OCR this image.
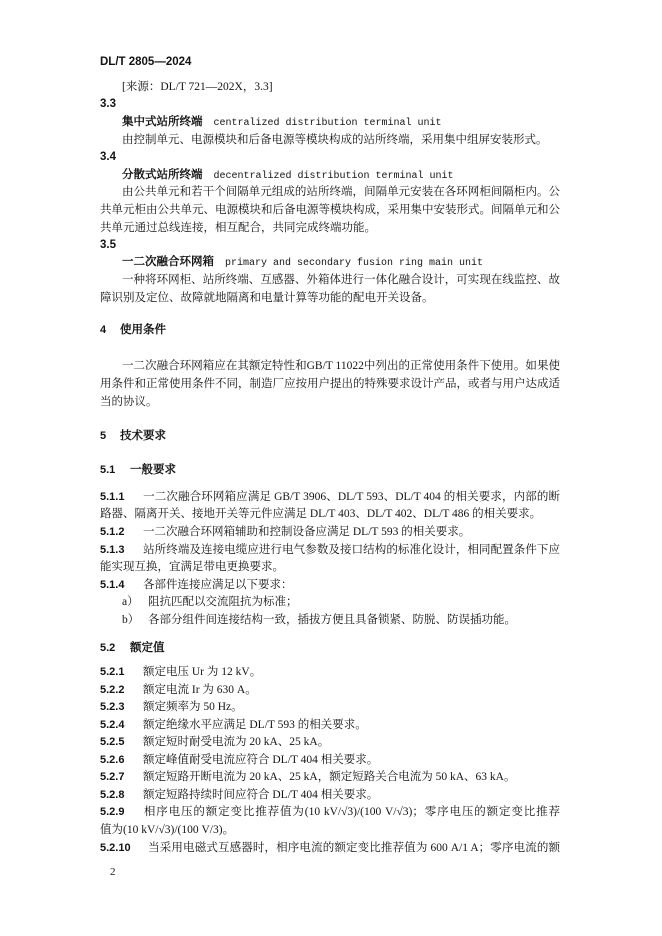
DL/T 2805—2024
[来源：DL/T 721—202X，3.3]
3.3
集中式站所终端 centralized distribution terminal unit
由控制单元、电源模块和后备电源等模块构成的站所终端，采用集中组屏安装形式。
3.4
分散式站所终端 decentralized distribution terminal unit
由公共单元和若干个间隔单元组成的站所终端，间隔单元安装在各环网柜间隔柜内。公
共单元柜由公共单元、电源模块和后备电源等模块构成，采用集中安装形式。间隔单元和公
共单元通过总线连接，相互配合，共同完成终端功能。
3.5
一二次融合环网箱 primary and secondary fusion ring main unit
一种将环网柜、站所终端、互感器、外箱体进行一体化融合设计，可实现在线监控、故
障识别及定位、故障就地隔离和电量计算等功能的配电开关设备。
4 使用条件
一二次融合环网箱应在其额定特性和GB/T 11022中列出的正常使用条件下使用。如果使
用条件和正常使用条件不同，制造厂应按用户提出的特殊要求设计产品，或者与用户达成适
当的协议。
5 技术要求
5.1 一般要求
5.1.1 一二次融合环网箱应满足 GB/T 3906、DL/T 593、DL/T 404 的相关要求，内部的断
路器、隔离开关、接地开关等元件应满足 DL/T 403、DL/T 402、DL/T 486 的相关要求。
5.1.2 一二次融合环网箱辅助和控制设备应满足 DL/T 593 的相关要求。
5.1.3 站所终端及连接电缆应进行电气参数及接口结构的标准化设计，相同配置条件下应
能实现互换，宜满足带电更换要求。
5.1.4 各部件连接应满足以下要求：
a） 阻抗匹配以交流阻抗为标准；
b） 各部分组件间连接结构一致，插拔方便且具备锁紧、防脱、防误插功能。
5.2 额定值
5.2.1 额定电压 Ur 为 12 kV。
5.2.2 额定电流 Ir 为 630 A。
5.2.3 额定频率为 50 Hz。
5.2.4 额定绝缘水平应满足 DL/T 593 的相关要求。
5.2.5 额定短时耐受电流为 20 kA、25 kA。
5.2.6 额定峰值耐受电流应符合 DL/T 404 相关要求。
5.2.7 额定短路开断电流为 20 kA、25 kA，额定短路关合电流为 50 kA、63 kA。
5.2.8 额定短路持续时间应符合 DL/T 404 相关要求。
5.2.9 相序电压的额定变比推荐值为(10 kV/√3)/(100 V/√3)；零序电压的额定变比推荐
值为(10 kV/√3)/(100 V/3)。
5.2.10 当采用电磁式互感器时，相序电流的额定变比推荐值为 600 A/1 A；零序电流的额
2
